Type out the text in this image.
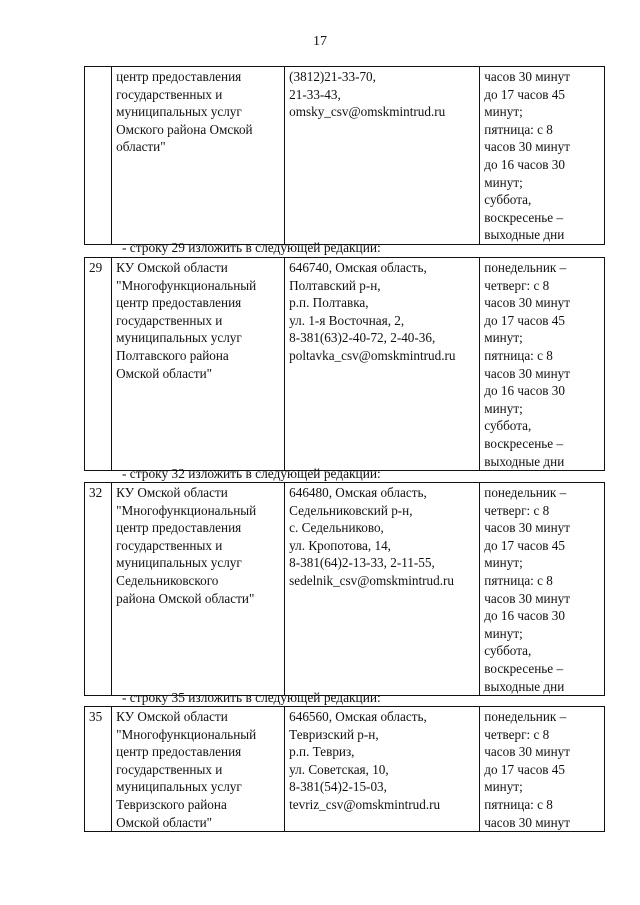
17

центр предоставления
государственных и
муниципальных услуг
Омского района Омской
области"

(3812)21-33-70,
21-33-43,
omsky_csv@omskmintrud.ru

часов 30 минут
до 17 часов 45
минут;
пятница: с 8
часов 30 минут
до 16 часов 30
минут;
суббота,
воскресенье –
выходные дни
- строку 29 изложить в следующей редакции:
29	КУ Омской области
"Многофункциональный
центр предоставления
государственных и
муниципальных услуг
Полтавского района
Омской области"

646740, Омская область,
Полтавский р-н,
р.п. Полтавка,
ул. 1-я Восточная, 2,
8-381(63)2-40-72, 2-40-36,
poltavka_csv@omskmintrud.ru

понедельник –
четверг: с 8
часов 30 минут
до 17 часов 45
минут;
пятница: с 8
часов 30 минут
до 16 часов 30
минут;
суббота,
воскресенье –
выходные дни
- строку 32 изложить в следующей редакции:
32	КУ Омской области
"Многофункциональный
центр предоставления
государственных и
муниципальных услуг
Седельниковского
района Омской области"

646480, Омская область,
Седельниковский р-н,
с. Седельниково,
ул. Кропотова, 14,
8-381(64)2-13-33, 2-11-55,
sedelnik_csv@omskmintrud.ru

понедельник –
четверг: с 8
часов 30 минут
до 17 часов 45
минут;
пятница: с 8
часов 30 минут
до 16 часов 30
минут;
суббота,
воскресенье –
выходные дни
- строку 35 изложить в следующей редакции:
35	КУ Омской области
"Многофункциональный
центр предоставления
государственных и
муниципальных услуг
Тевризского района
Омской области"

646560, Омская область,
Тевризский р-н,
р.п. Тевриз,
ул. Советская, 10,
8-381(54)2-15-03,
tevriz_csv@omskmintrud.ru

понедельник –
четверг: с 8
часов 30 минут
до 17 часов 45
минут;
пятница: с 8
часов 30 минут
